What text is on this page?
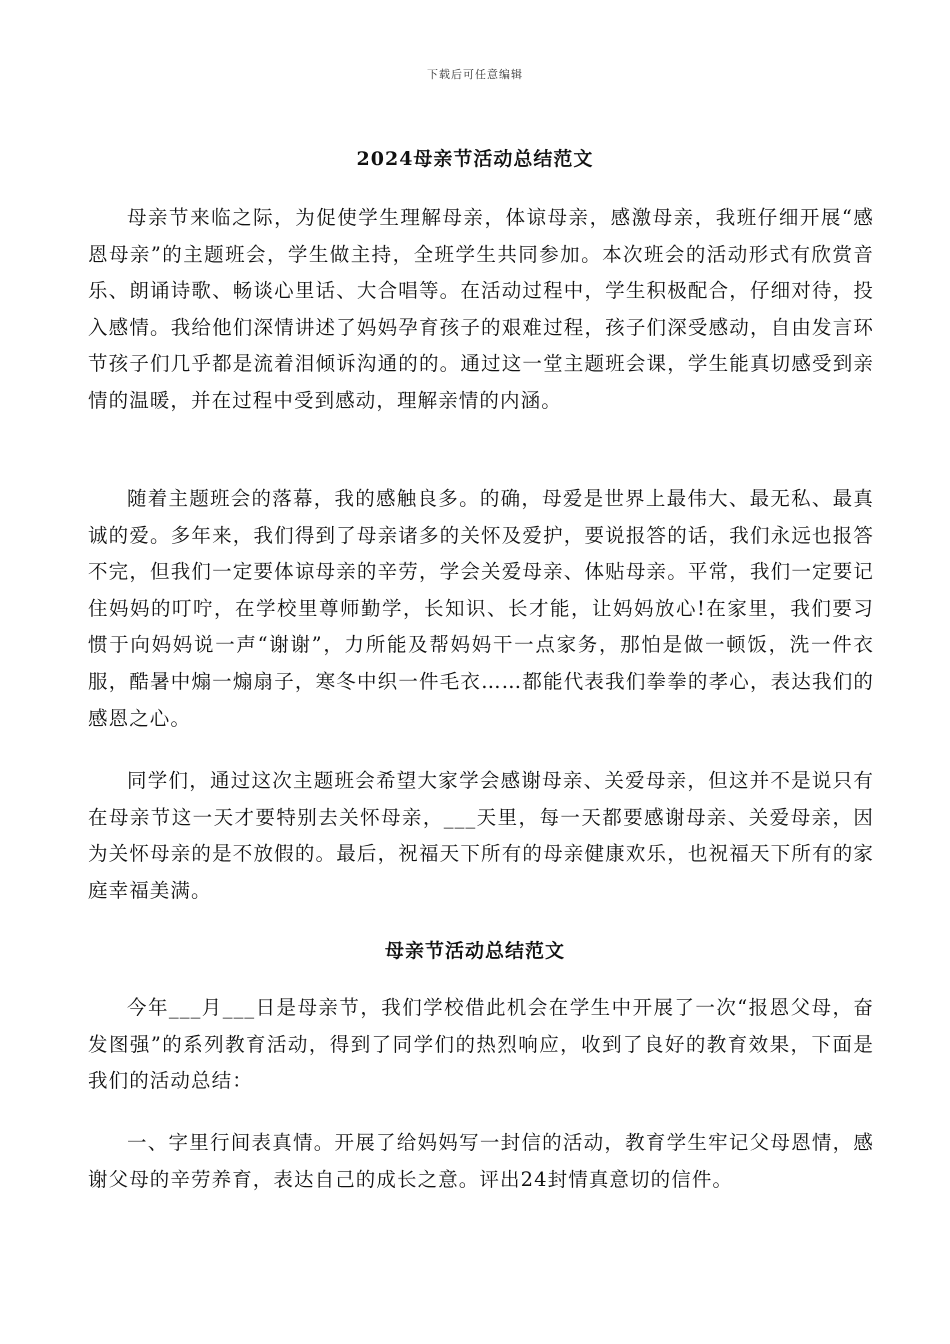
下载后可任意编辑
2024母亲节活动总结范文

母亲节来临之际，为促使学生理解母亲，体谅母亲，感激母亲，我班仔细开展“感恩母亲”的主题班会，学生做主持，全班学生共同参加。本次班会的活动形式有欣赏音乐、朗诵诗歌、畅谈心里话、大合唱等。在活动过程中，学生积极配合，仔细对待，投入感情。我给他们深情讲述了妈妈孕育孩子的艰难过程，孩子们深受感动，自由发言环节孩子们几乎都是流着泪倾诉沟通的的。通过这一堂主题班会课，学生能真切感受到亲情的温暖，并在过程中受到感动，理解亲情的内涵。

随着主题班会的落幕，我的感触良多。的确，母爱是世界上最伟大、最无私、最真诚的爱。多年来，我们得到了母亲诸多的关怀及爱护，要说报答的话，我们永远也报答不完，但我们一定要体谅母亲的辛劳，学会关爱母亲、体贴母亲。平常，我们一定要记住妈妈的叮咛，在学校里尊师勤学，长知识、长才能，让妈妈放心!在家里，我们要习惯于向妈妈说一声“谢谢”，力所能及帮妈妈干一点家务，那怕是做一顿饭，洗一件衣服，酷暑中煽一煽扇子，寒冬中织一件毛衣……都能代表我们拳拳的孝心，表达我们的感恩之心。

同学们，通过这次主题班会希望大家学会感谢母亲、关爱母亲，但这并不是说只有在母亲节这一天才要特别去关怀母亲，___天里，每一天都要感谢母亲、关爱母亲，因为关怀母亲的是不放假的。最后，祝福天下所有的母亲健康欢乐，也祝福天下所有的家庭幸福美满。

母亲节活动总结范文

今年___月___日是母亲节，我们学校借此机会在学生中开展了一次“报恩父母，奋发图强”的系列教育活动，得到了同学们的热烈响应，收到了良好的教育效果，下面是我们的活动总结：

一、字里行间表真情。开展了给妈妈写一封信的活动，教育学生牢记父母恩情，感谢父母的辛劳养育，表达自己的成长之意。评出24封情真意切的信件。
